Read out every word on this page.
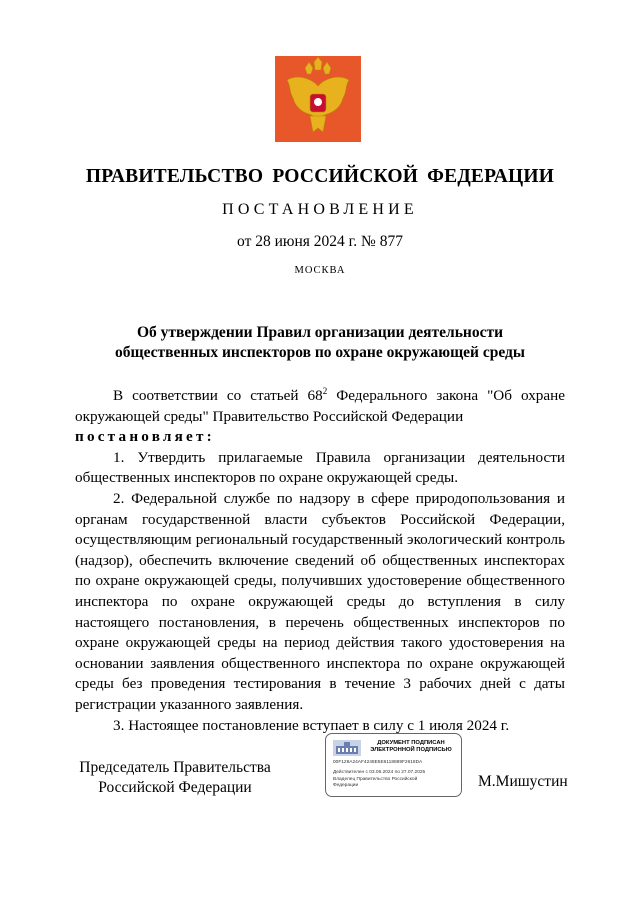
ПРАВИТЕЛЬСТВО РОССИЙСКОЙ ФЕДЕРАЦИИ
ПОСТАНОВЛЕНИЕ
от 28 июня 2024 г. № 877
МОСКВА
Об утверждении Правил организации деятельности
общественных инспекторов по охране окружающей среды

В соответствии со статьей $68^2$ Федерального закона "Об охране окружающей среды" Правительство Российской Федерации

постановляет:

1. Утвердить прилагаемые Правила организации деятельности общественных инспекторов по охране окружающей среды.

2. Федеральной службе по надзору в сфере природопользования и органам государственной власти субъектов Российской Федерации, осуществляющим региональный государственный экологический контроль (надзор), обеспечить включение сведений об общественных инспекторах по охране окружающей среды, получивших удостоверение общественного инспектора по охране окружающей среды до вступления в силу настоящего постановления, в перечень общественных инспекторов по охране окружающей среды на период действия такого удостоверения на основании заявления общественного инспектора по охране окружающей среды без проведения тестирования в течение 3 рабочих дней с даты регистрации указанного заявления.

3. Настоящее постановление вступает в силу с 1 июля 2024 г.

Председатель Правительства
Российской Федерации
ДОКУМЕНТ ПОДПИСАН
ЭЛЕКТРОННОЙ ПОДПИСЬЮ
00F129A24AF4248E5E6118889F2618DA
Действителен с 03.06.2024 по 27.07.2025
Владелец Правительство Российской
Федерации	М.Мишустин
